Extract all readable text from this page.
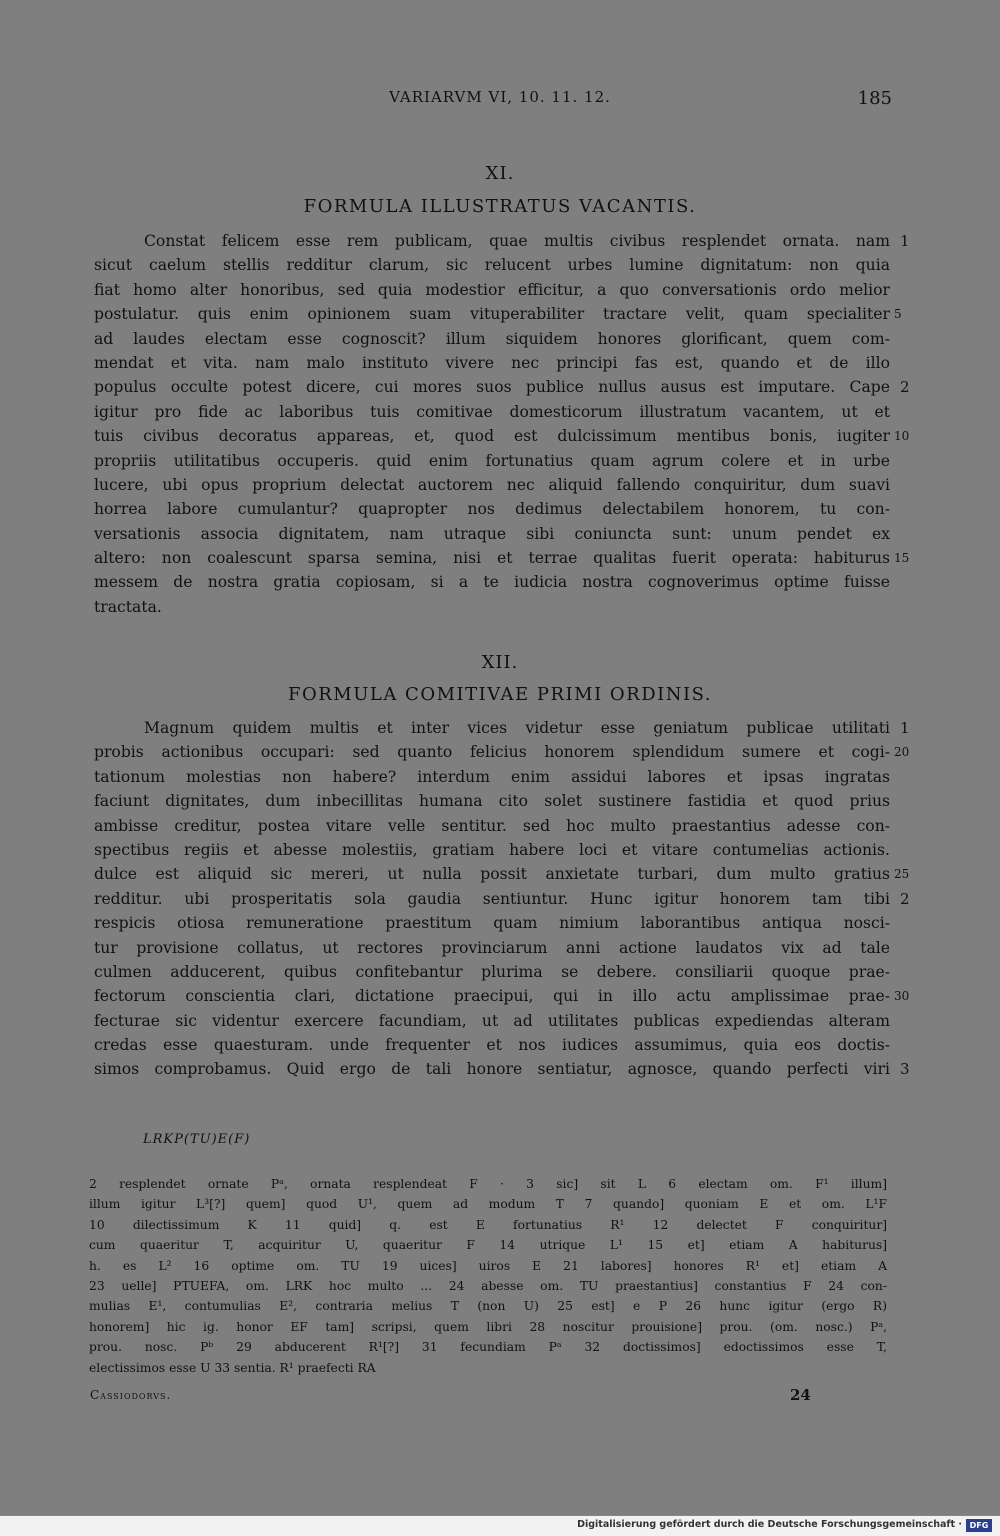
VARIARVM VI, 10. 11. 12.	185
XI.
FORMULA ILLUSTRATUS VACANTIS.
Constat felicem esse rem publicam, quae multis civibus resplendet ornata. nam 1
sicut caelum stellis redditur clarum, sic relucent urbes lumine dignitatum: non quia
fiat homo alter honoribus, sed quia modestior efficitur, a quo conversationis ordo melior
postulatur. quis enim opinionem suam vituperabiliter tractare velit, quam specialiter 5
ad laudes electam esse cognoscit? illum siquidem honores glorificant, quem com-
mendat et vita. nam malo instituto vivere nec principi fas est, quando et de illo
populus occulte potest dicere, cui mores suos publice nullus ausus est imputare. Cape 2
igitur pro fide ac laboribus tuis comitivae domesticorum illustratum vacantem, ut et
tuis civibus decoratus appareas, et, quod est dulcissimum mentibus bonis, iugiter 10
propriis utilitatibus occuperis. quid enim fortunatius quam agrum colere et in urbe
lucere, ubi opus proprium delectat auctorem nec aliquid fallendo conquiritur, dum suavi
horrea labore cumulantur? quapropter nos dedimus delectabilem honorem, tu con-
versationis associa dignitatem, nam utraque sibi coniuncta sunt: unum pendet ex
altero: non coalescunt sparsa semina, nisi et terrae qualitas fuerit operata: habiturus 15
messem de nostra gratia copiosam, si a te iudicia nostra cognoverimus optime fuisse
tractata.
XII.
FORMULA COMITIVAE PRIMI ORDINIS.
Magnum quidem multis et inter vices videtur esse geniatum publicae utilitati 1
probis actionibus occupari: sed quanto felicius honorem splendidum sumere et cogi- 20
tationum molestias non habere? interdum enim assidui labores et ipsas ingratas
faciunt dignitates, dum inbecillitas humana cito solet sustinere fastidia et quod prius
ambisse creditur, postea vitare velle sentitur. sed hoc multo praestantius adesse con-
spectibus regiis et abesse molestiis, gratiam habere loci et vitare contumelias actionis.
dulce est aliquid sic mereri, ut nulla possit anxietate turbari, dum multo gratius 25
redditur. ubi prosperitatis sola gaudia sentiuntur. Hunc igitur honorem tam tibi 2
respicis otiosa remuneratione praestitum quam nimium laborantibus antiqua nosci-
tur provisione collatus, ut rectores provinciarum anni actione laudatos vix ad tale
culmen adducerent, quibus confitebantur plurima se debere. consiliarii quoque prae-
fectorum conscientia clari, dictatione praecipui, qui in illo actu amplissimae prae- 30
fecturae sic videntur exercere facundiam, ut ad utilitates publicas expediendas alteram
credas esse quaesturam. unde frequenter et nos iudices assumimus, quia eos doctis-
simos comprobamus. Quid ergo de tali honore sentiatur, agnosce, quando perfecti viri 3
LRKP(TU)E(F)
2 resplendet ornate Pᵃ, ornata resplendeat F · 3 sic] sit L 6 electam om. F¹ illum]
illum igitur L³[?] quem] quod U¹, quem ad modum T 7 quando] quoniam E et om. L¹F
10 dilectissimum K 11 quid] q. est E fortunatius R¹ 12 delectet F conquiritur]
cum quaeritur T, acquiritur U, quaeritur F 14 utrique L¹ 15 et] etiam A habiturus]
h. es L² 16 optime om. TU 19 uices] uiros E 21 labores] honores R¹ et] etiam A
23 uelle] PTUEFA, om. LRK hoc multo ... 24 abesse om. TU praestantius] constantius F 24 con-
mulias E¹, contumulias E², contraria melius T (non U) 25 est] e P 26 hunc igitur (ergo R)
honorem] hic ig. honor EF tam] scripsi, quem libri 28 noscitur prouisione] prou. (om. nosc.) Pᵃ,
prou. nosc. Pᵇ 29 abducerent R¹[?] 31 fecundiam Pᵃ 32 doctissimos] edoctissimos esse T,
electissimos esse U 33 sentia. R¹ praefecti RA
Cassiodorvs.	24
Digitalisierung gefördert durch die Deutsche Forschungsgemeinschaft · DFG
